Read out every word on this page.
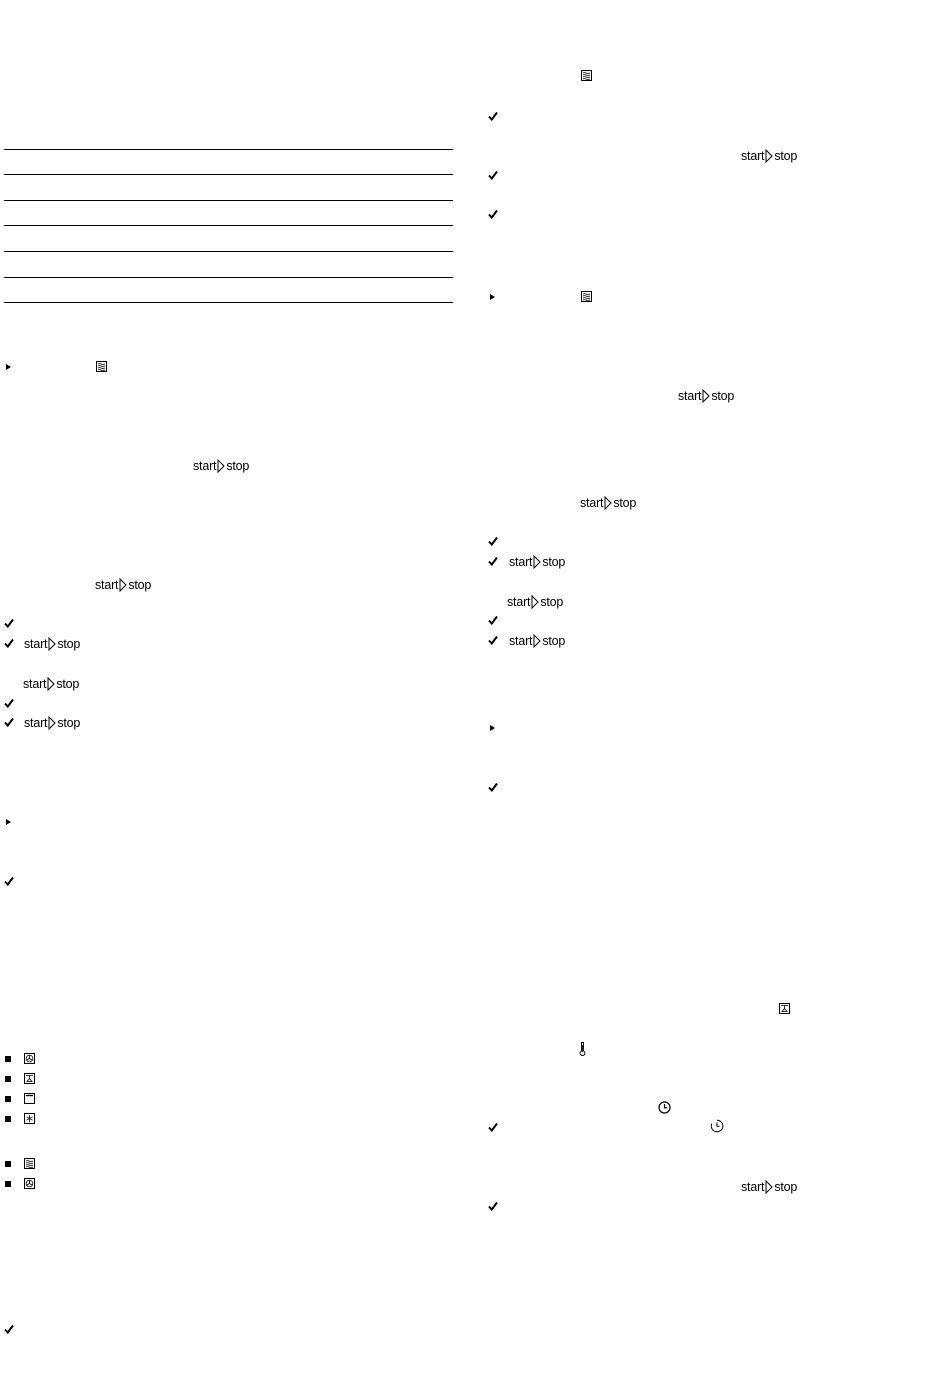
start stop
start stop
start stop
start stop
start stop
start stop
start stop
start stop
start stop
start stop
start stop
start stop
